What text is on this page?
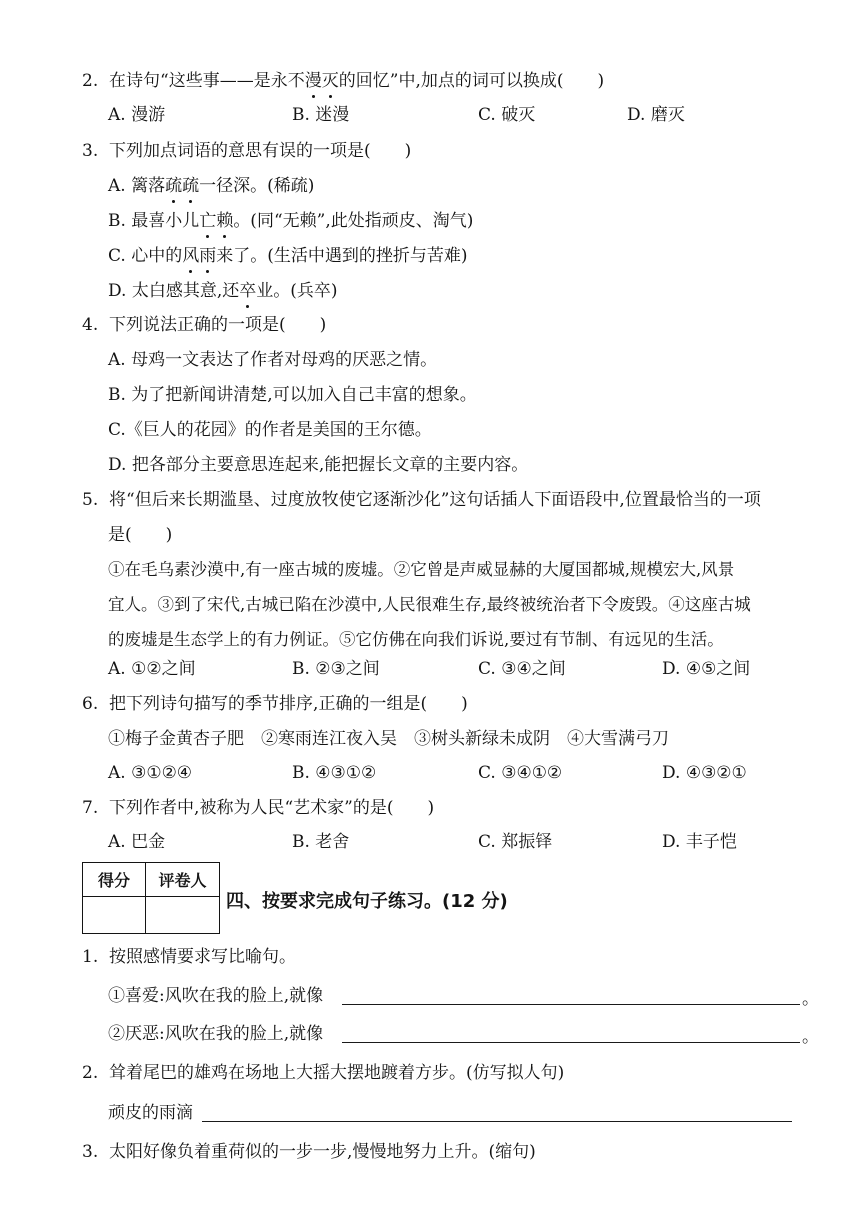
2. 在诗句“这些事——是永不漫灭的回忆”中,加点的词可以换成(　　)
A. 漫游	B. 迷漫	C. 破灭	D. 磨灭
3. 下列加点词语的意思有误的一项是(　　)
A. 篱落疏疏一径深。(稀疏)
B. 最喜小儿亡赖。(同“无赖”,此处指顽皮、淘气)
C. 心中的风雨来了。(生活中遇到的挫折与苦难)
D. 太白感其意,还卒业。(兵卒)
4. 下列说法正确的一项是(　　)
A. 母鸡一文表达了作者对母鸡的厌恶之情。
B. 为了把新闻讲清楚,可以加入自己丰富的想象。
C.《巨人的花园》的作者是美国的王尔德。
D. 把各部分主要意思连起来,能把握长文章的主要内容。
5. 将“但后来长期滥垦、过度放牧使它逐渐沙化”这句话插人下面语段中,位置最恰当的一项
是(　　)
①在毛乌素沙漠中,有一座古城的废墟。②它曾是声威显赫的大厦国都城,规模宏大,风景
宜人。③到了宋代,古城已陷在沙漠中,人民很难生存,最终被统治者下令废毁。④这座古城
的废墟是生态学上的有力例证。⑤它仿佛在向我们诉说,要过有节制、有远见的生活。
A. ①②之间	B. ②③之间	C. ③④之间	D. ④⑤之间
6. 把下列诗句描写的季节排序,正确的一组是(　　)
①梅子金黄杏子肥　②寒雨连江夜入吴　③树头新绿未成阴　④大雪满弓刀
A. ③①②④	B. ④③①②	C. ③④①②	D. ④③②①
7. 下列作者中,被称为人民“艺术家”的是(　　)
A. 巴金	B. 老舍	C. 郑振铎	D. 丰子恺
得分	评卷人
四、按要求完成句子练习。(12 分)
1. 按照感情要求写比喻句。
①喜爱:风吹在我的脸上,就像	。
②厌恶:风吹在我的脸上,就像	。
2. 耸着尾巴的雄鸡在场地上大摇大摆地踱着方步。(仿写拟人句)
顽皮的雨滴
3. 太阳好像负着重荷似的一步一步,慢慢地努力上升。(缩句)
